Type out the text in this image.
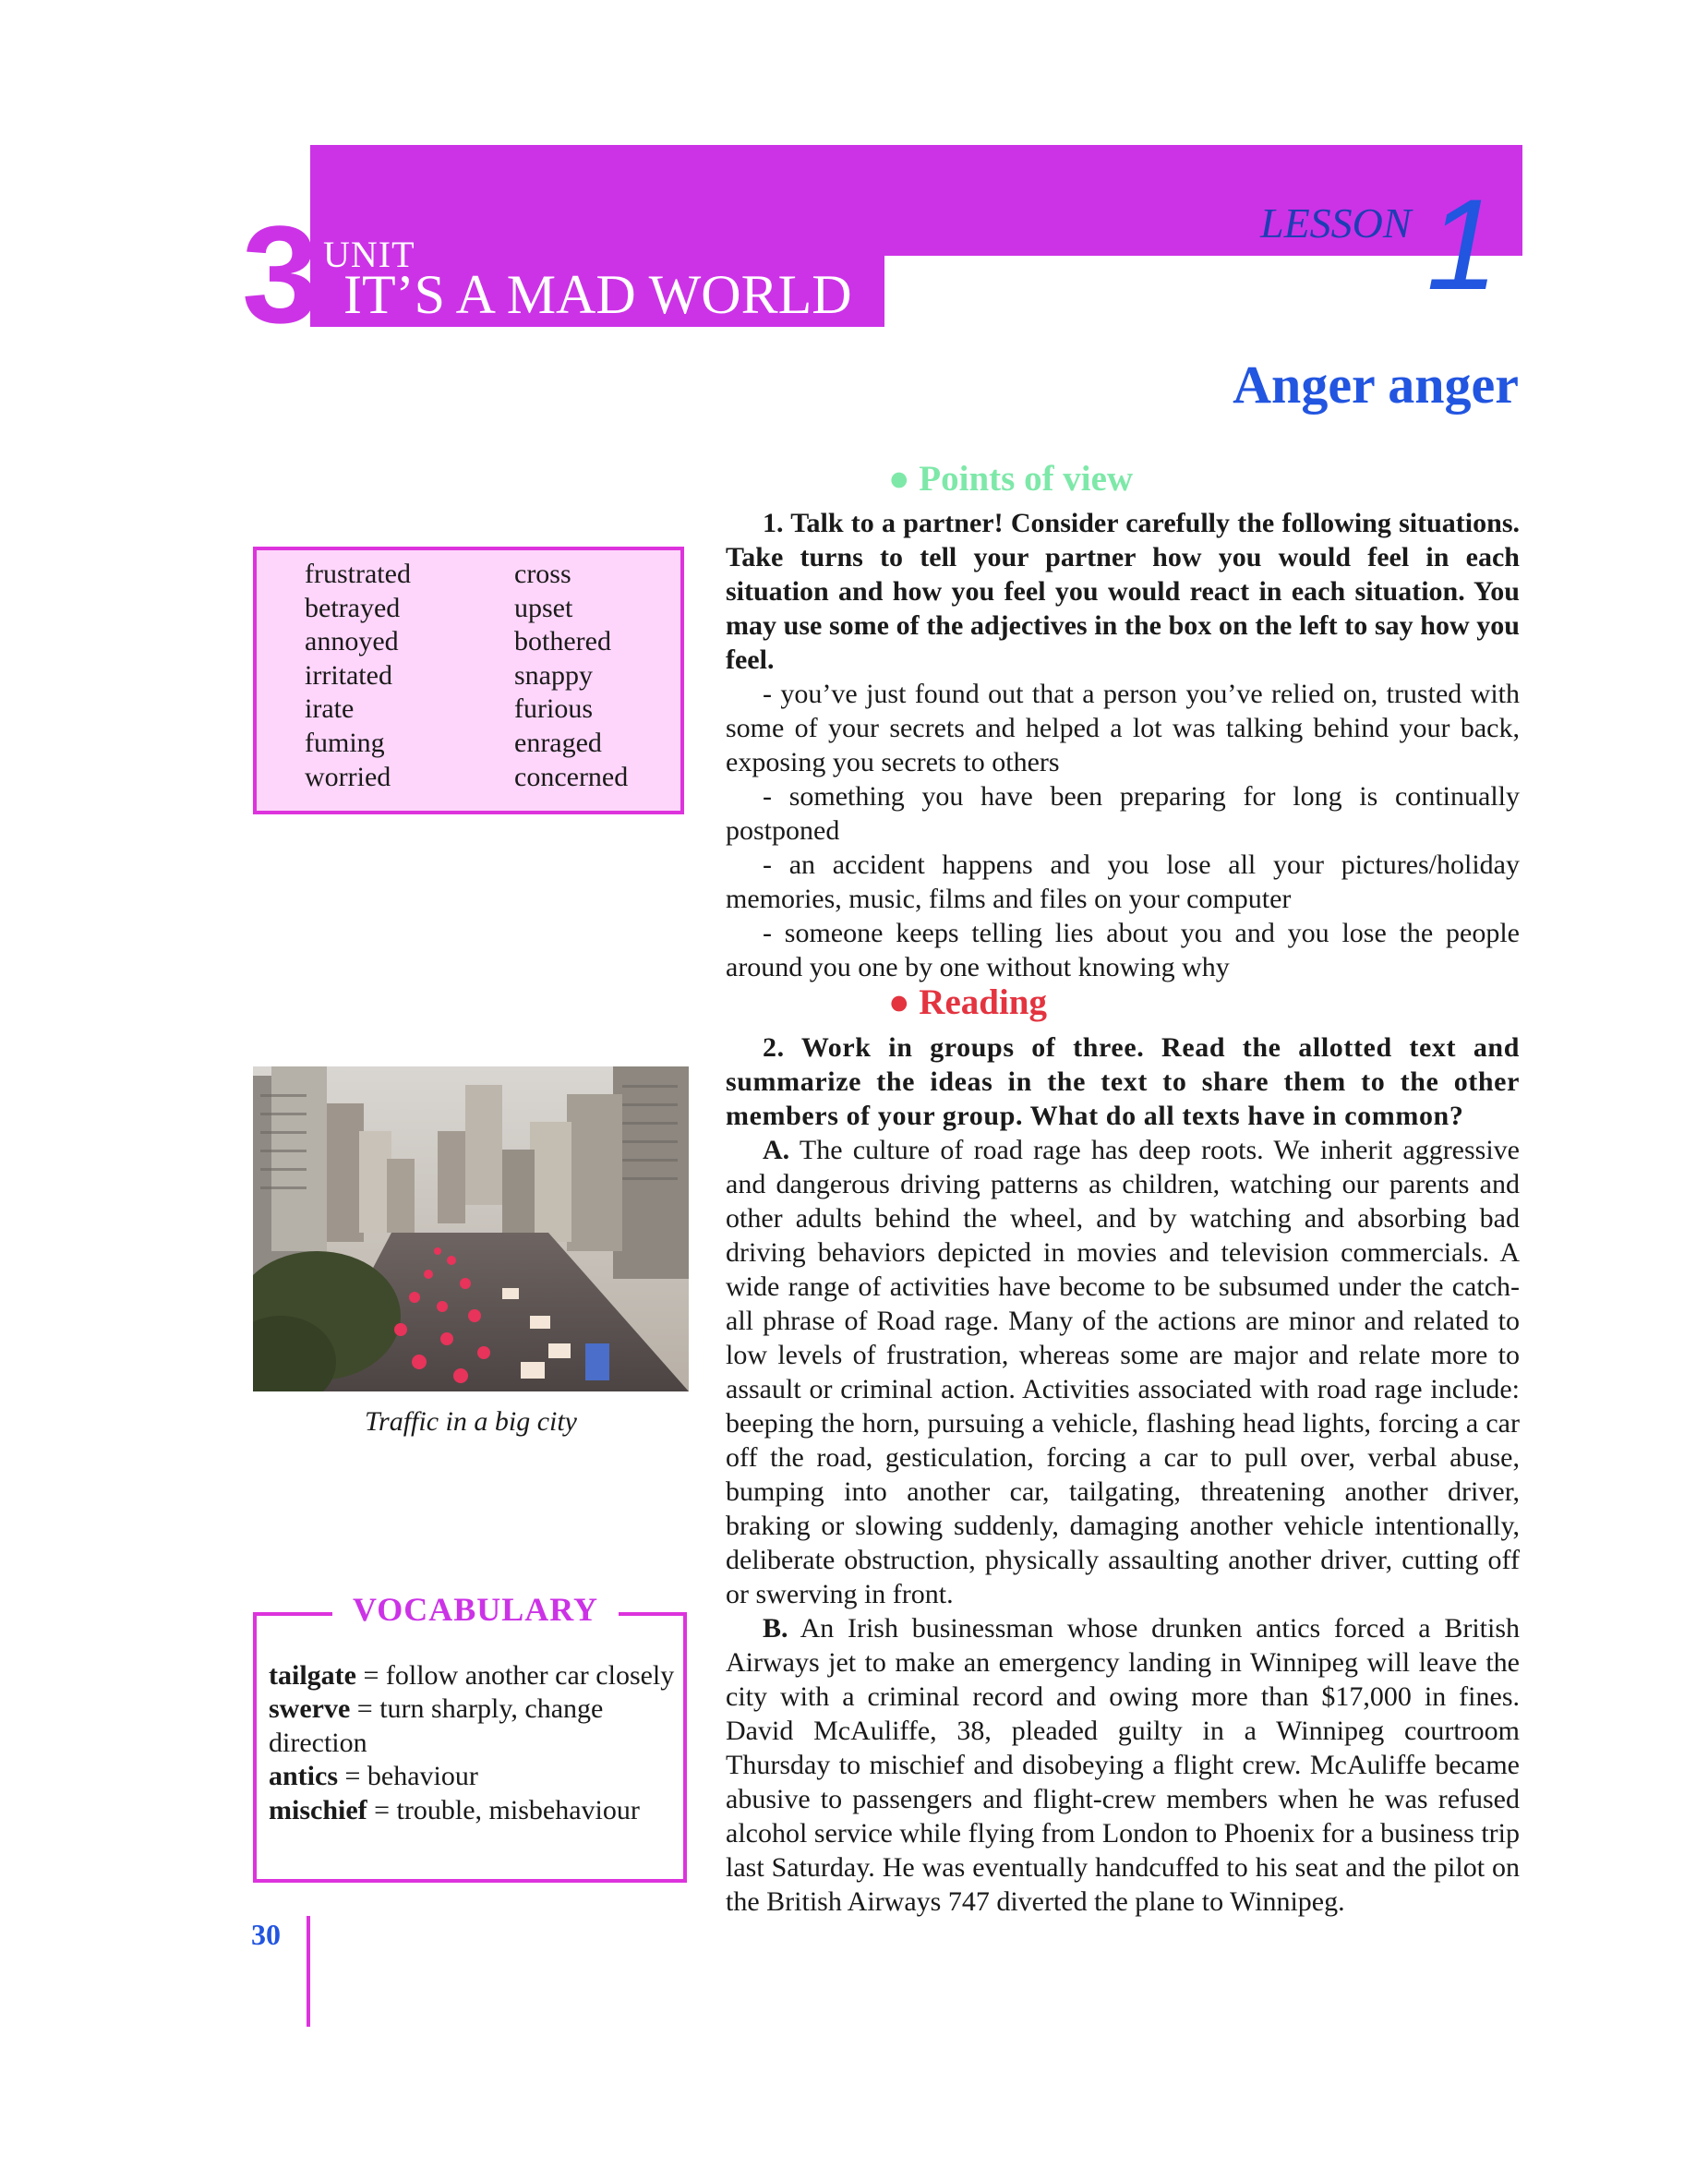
3 UNIT
IT’S A MAD WORLD
LESSON 1
Anger anger
frustrated
betrayed
annoyed
irritated
irate
fuming
worried
cross
upset
bothered
snappy
furious
enraged
concerned
● Points of view

1. Talk to a partner! Consider carefully the following situations. Take turns to tell your partner how you would feel in each situation and how you feel you would react in each situation. You may use some of the adjectives in the box on the left to say how you feel.

- you’ve just found out that a person you’ve relied on, trusted with some of your secrets and helped a lot was talking behind your back, exposing you secrets to others

- something you have been preparing for long is continually postponed

- an accident happens and you lose all your pictures/holiday memories, music, films and files on your computer

- someone keeps telling lies about you and you lose the people around you one by one without knowing why

● Reading

2. Work in groups of three. Read the allotted text and summarize the ideas in the text to share them to the other members of your group. What do all texts have in common?

A. The culture of road rage has deep roots. We inherit aggressive and dangerous driving patterns as children, watching our parents and other adults behind the wheel, and by watching and absorbing bad driving behaviors depicted in movies and television commercials. A wide range of activities have become to be subsumed under the catch-all phrase of Road rage. Many of the actions are minor and related to low levels of frustration, whereas some are major and relate more to assault or criminal action. Activities associated with road rage include: beeping the horn, pursuing a vehicle, flashing head lights, forcing a car off the road, gesticulation, forcing a car to pull over, verbal abuse, bumping into another car, tailgating, threatening another driver, braking or slowing suddenly, damaging another vehicle intentionally, deliberate obstruction, physically assaulting another driver, cutting off or swerving in front.

B. An Irish businessman whose drunken antics forced a British Airways jet to make an emergency landing in Winnipeg will leave the city with a criminal record and owing more than $17,000 in fines. David McAuliffe, 38, pleaded guilty in a Winnipeg courtroom Thursday to mischief and disobeying a flight crew. McAuliffe became abusive to passengers and flight-crew members when he was refused alcohol service while flying from London to Phoenix for a business trip last Saturday. He was eventually handcuffed to his seat and the pilot on the British Airways 747 diverted the plane to Winnipeg.

Traffic in a big city
VOCABULARY
tailgate = follow another car closely
swerve = turn sharply, change direction
antics = behaviour
mischief = trouble, misbehaviour
30
